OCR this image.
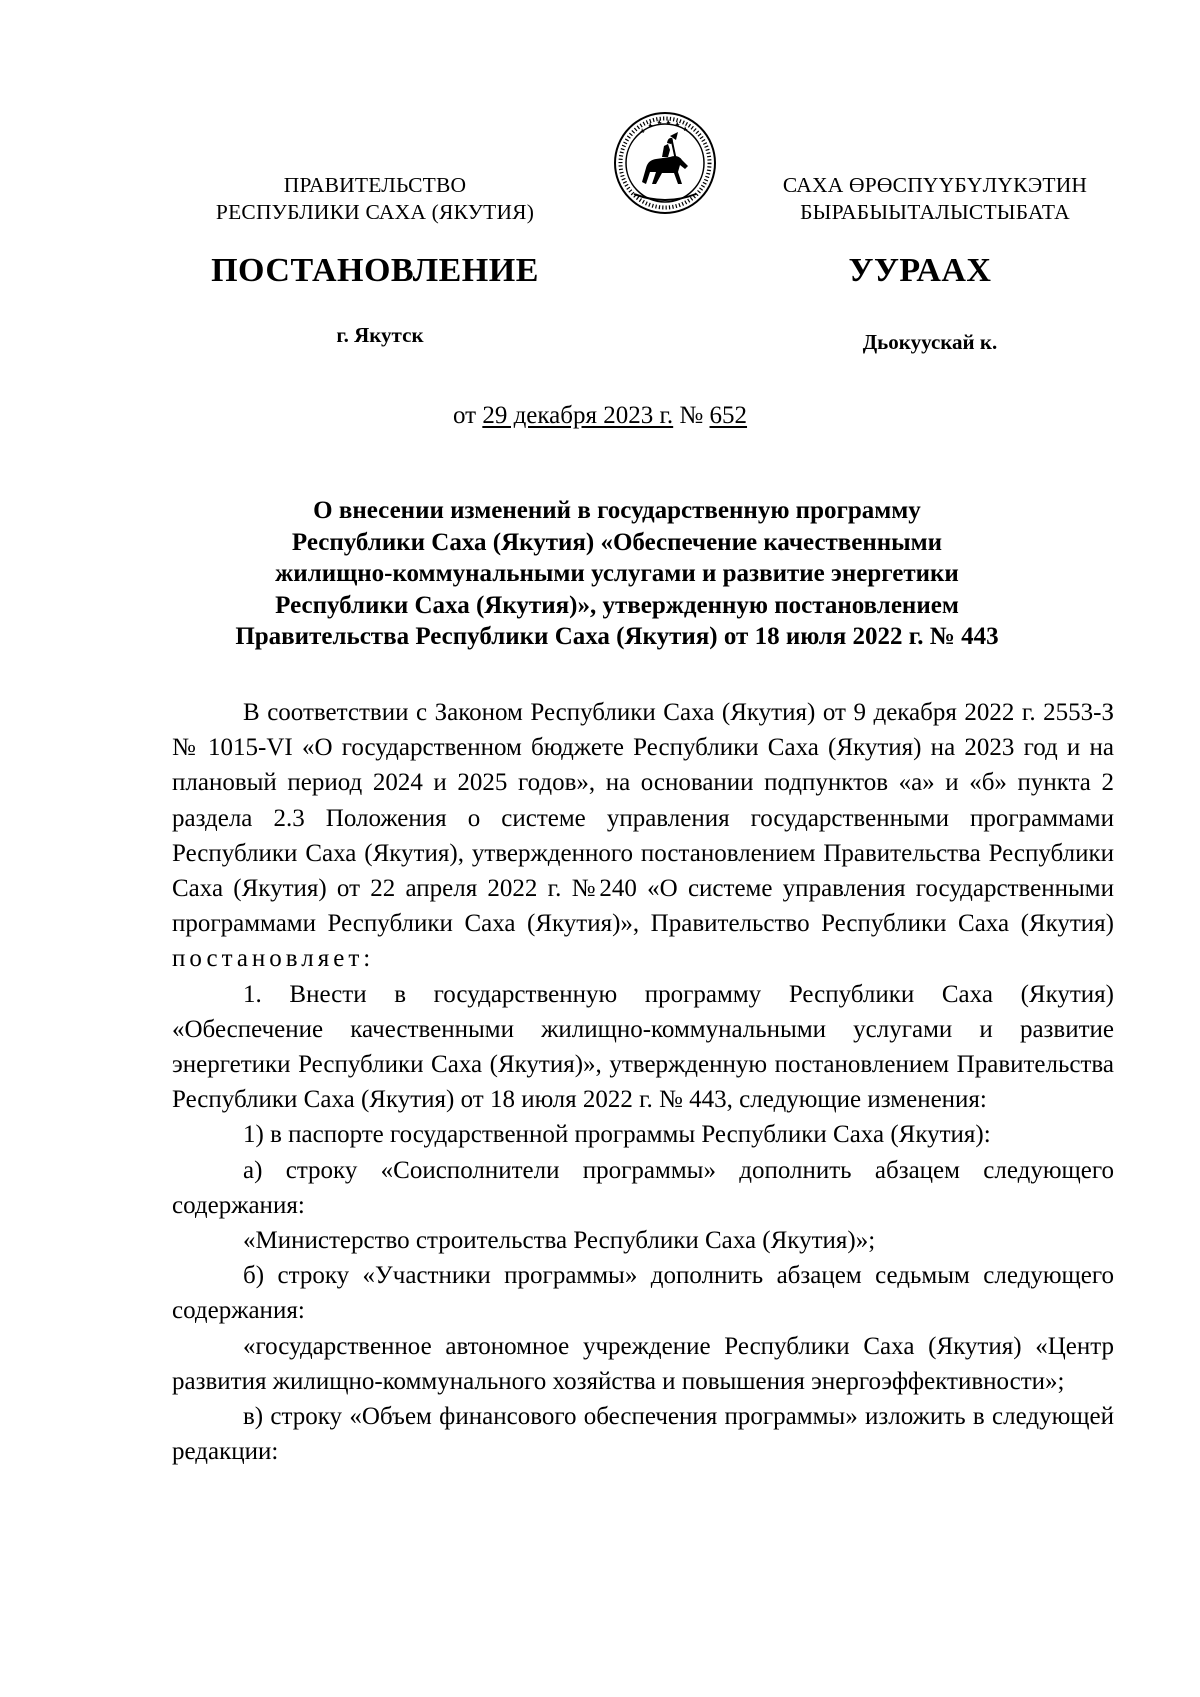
ПРАВИТЕЛЬСТВО
РЕСПУБЛИКИ САХА (ЯКУТИЯ)
САХА ӨРӨСПҮҮБҮЛҮКЭТИН
БЫРАБЫЫТАЛЫСТЫБАТА
ПОСТАНОВЛЕНИЕ	УУРААХ
г. Якутск	Дьокуускай к.
от 29 декабря 2023 г. № 652
О внесении изменений в государственную программу
Республики Саха (Якутия) «Обеспечение качественными
жилищно-коммунальными услугами и развитие энергетики
Республики Саха (Якутия)», утвержденную постановлением
Правительства Республики Саха (Якутия) от 18 июля 2022 г. № 443

В соответствии с Законом Республики Саха (Якутия) от 9 декабря 2022 г. 2553-З № 1015-VI «О государственном бюджете Республики Саха (Якутия) на 2023 год и на плановый период 2024 и 2025 годов», на основании подпунктов «а» и «б» пункта 2 раздела 2.3 Положения о системе управления государственными программами Республики Саха (Якутия), утвержденного постановлением Правительства Республики Саха (Якутия) от 22 апреля 2022 г. №240 «О системе управления государственными программами Республики Саха (Якутия)», Правительство Республики Саха (Якутия) постановляет:

1. Внести в государственную программу Республики Саха (Якутия) «Обеспечение качественными жилищно-коммунальными услугами и развитие энергетики Республики Саха (Якутия)», утвержденную постановлением Правительства Республики Саха (Якутия) от 18 июля 2022 г. № 443, следующие изменения:

1) в паспорте государственной программы Республики Саха (Якутия):

а) строку «Соисполнители программы» дополнить абзацем следующего содержания:

«Министерство строительства Республики Саха (Якутия)»;

б) строку «Участники программы» дополнить абзацем седьмым следующего содержания:

«государственное автономное учреждение Республики Саха (Якутия) «Центр развития жилищно-коммунального хозяйства и повышения энергоэффективности»;

в) строку «Объем финансового обеспечения программы» изложить в следующей редакции:
